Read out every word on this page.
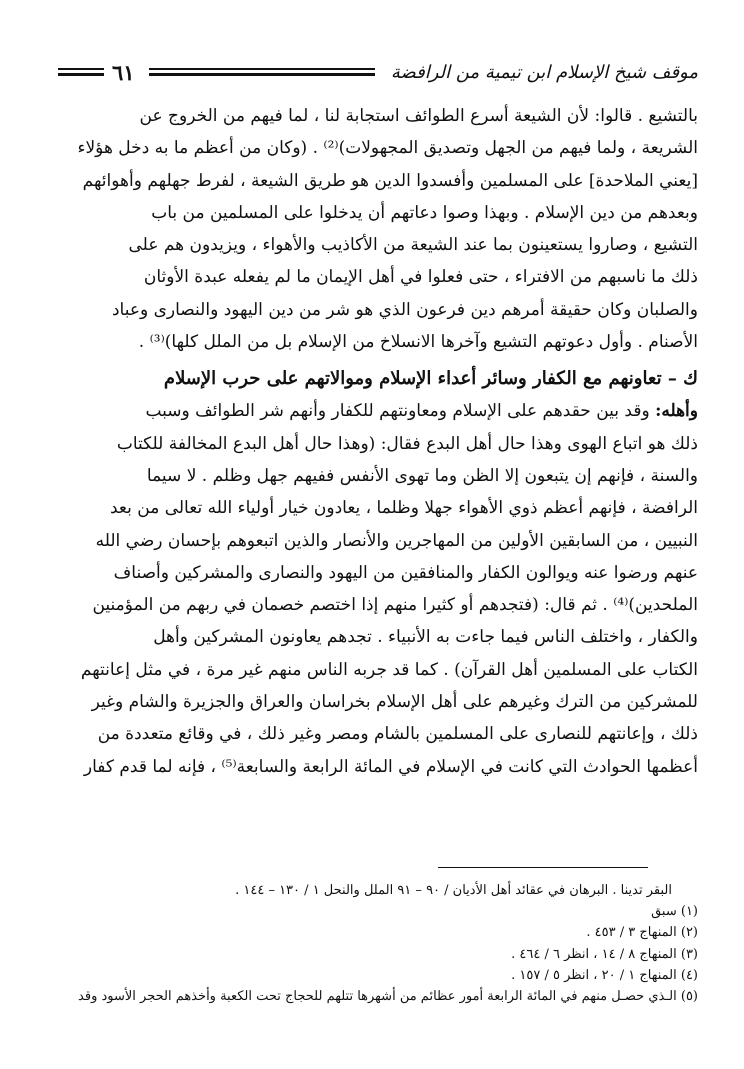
موقف شيخ الإسلام ابن تيمية من الرافضة
٦١

بالتشيع . قالوا: لأن الشيعة أسرع الطوائف استجابة لنا ، لما فيهم من الخروج عن

الشريعة ، ولما فيهم من الجهل وتصديق المجهولات)⁽²⁾ . (وكان من أعظم ما به دخل هؤلاء

[يعني الملاحدة] على المسلمين وأفسدوا الدين هو طريق الشيعة ، لفرط جهلهم وأهوائهم

وبعدهم من دين الإسلام . وبهذا وصوا دعاتهم أن يدخلوا على المسلمين من باب

التشيع ، وصاروا يستعينون بما عند الشيعة من الأكاذيب والأهواء ، ويزيدون هم على

ذلك ما ناسبهم من الافتراء ، حتى فعلوا في أهل الإيمان ما لم يفعله عبدة الأوثان

والصلبان وكان حقيقة أمرهم دين فرعون الذي هو شر من دين اليهود والنصارى وعباد

الأصنام . وأول دعوتهم التشيع وآخرها الانسلاخ من الإسلام بل من الملل كلها)⁽³⁾ .

ك – تعاونهم مع الكفار وسائر أعداء الإسلام وموالاتهم على حرب الإسلام

وأهله: وقد بين حقدهم على الإسلام ومعاونتهم للكفار وأنهم شر الطوائف وسبب

ذلك هو اتباع الهوى وهذا حال أهل البدع فقال: (وهذا حال أهل البدع المخالفة للكتاب

والسنة ، فإنهم إن يتبعون إلا الظن وما تهوى الأنفس ففيهم جهل وظلم . لا سيما

الرافضة ، فإنهم أعظم ذوي الأهواء جهلا وظلما ، يعادون خيار أولياء الله تعالى من بعد

النبيين ، من السابقين الأولين من المهاجرين والأنصار والذين اتبعوهم بإحسان رضي الله

عنهم ورضوا عنه ويوالون الكفار والمنافقين من اليهود والنصارى والمشركين وأصناف

الملحدين)⁽⁴⁾ . ثم قال: (فتجدهم أو كثيرا منهم إذا اختصم خصمان في ربهم من المؤمنين

والكفار ، واختلف الناس فيما جاءت به الأنبياء . تجدهم يعاونون المشركين وأهل

الكتاب على المسلمين أهل القرآن) . كما قد جربه الناس منهم غير مرة ، في مثل إعانتهم

للمشركين من الترك وغيرهم على أهل الإسلام بخراسان والعراق والجزيرة والشام وغير

ذلك ، وإعانتهم للنصارى على المسلمين بالشام ومصر وغير ذلك ، في وقائع متعددة من

أعظمها الحوادث التي كانت في الإسلام في المائة الرابعة والسابعة⁽⁵⁾ ، فإنه لما قدم كفار

البقر تدينا . البرهان في عقائد أهل الأديان / ٩٠ – ٩١ الملل والنحل ١ / ١٣٠ – ١٤٤ .

(١) سبق

(٢) المنهاج ٣ / ٤٥٣ .

(٣) المنهاج ٨ / ١٤ ، انظر ٦ / ٤٦٤ .

(٤) المنهاج ١ / ٢٠ ، انظر ٥ / ١٥٧ .

(٥) الـذي حصـل منهم في المائة الرابعة أمور عظائم من أشهرها تتلهم للحجاج تحت الكعبة وأخذهم الحجر الأسود وقد
